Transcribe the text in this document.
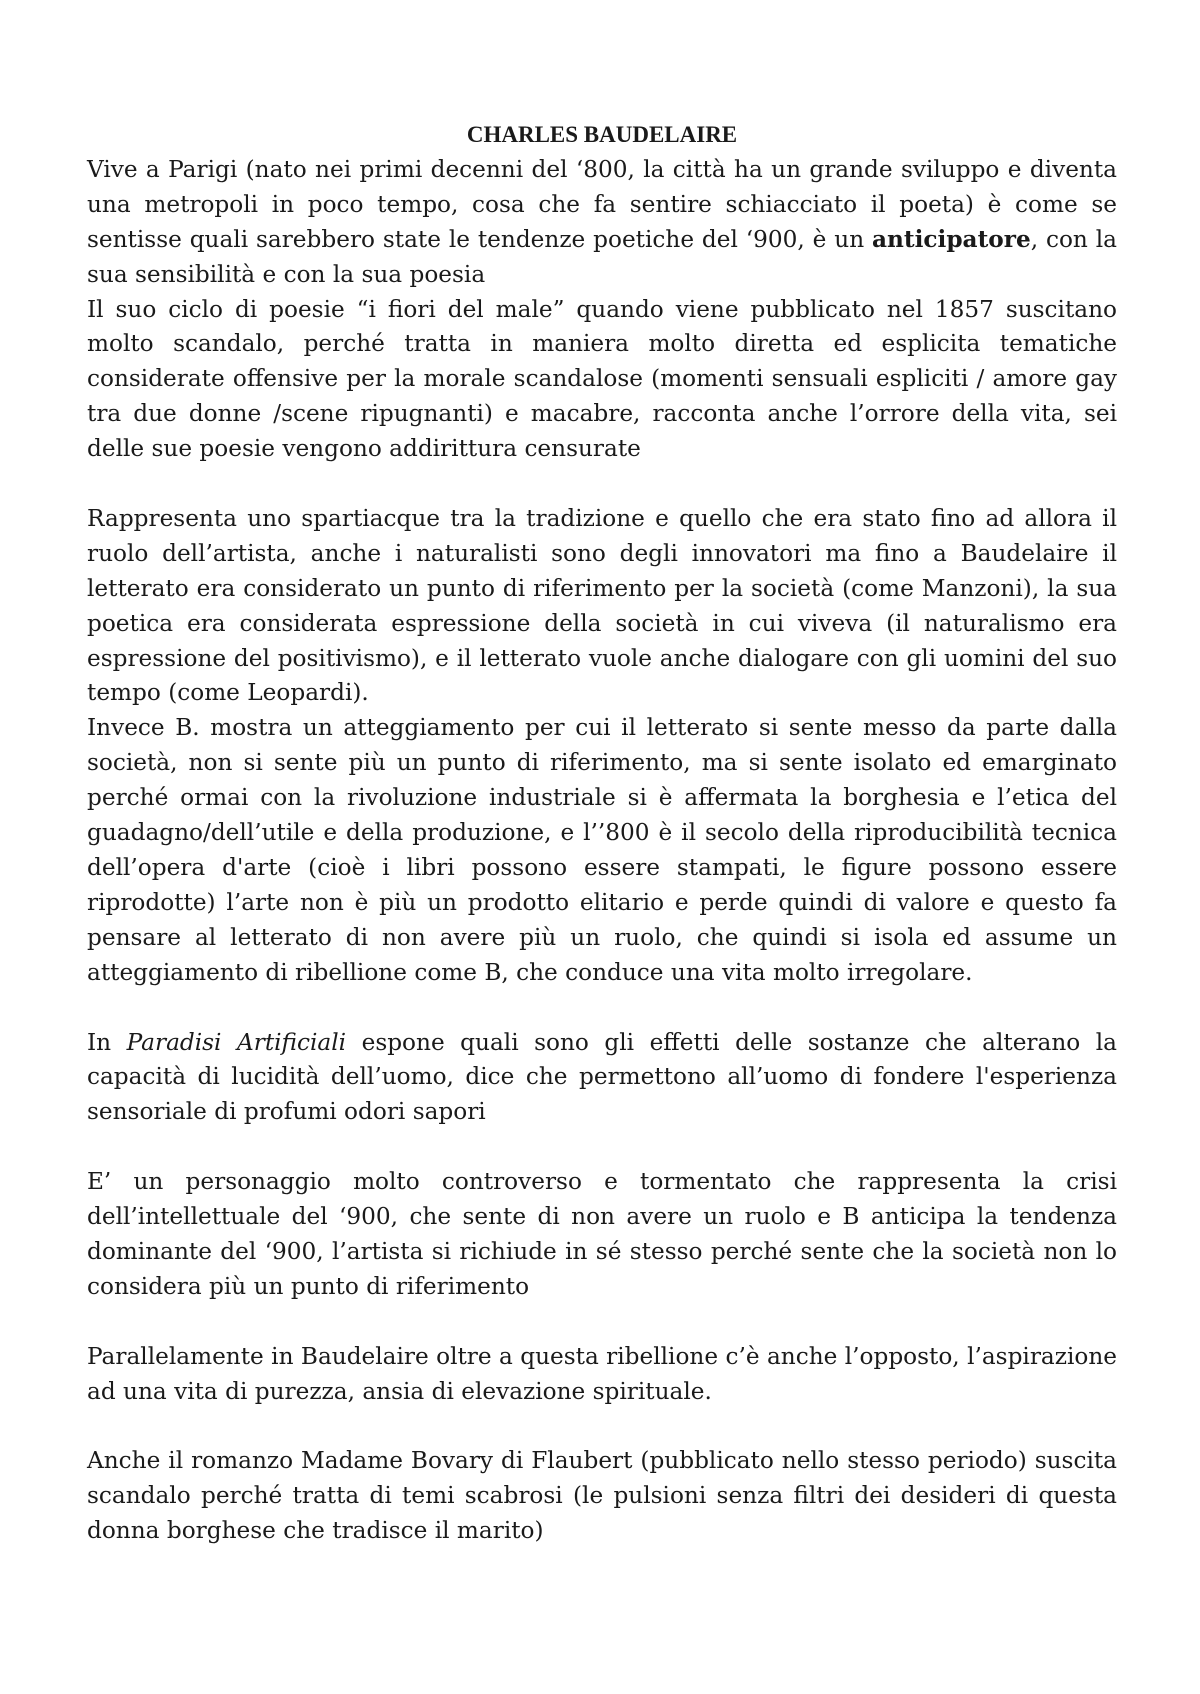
CHARLES BAUDELAIRE

Vive a Parigi (nato nei primi decenni del ‘800, la città ha un grande sviluppo e diventa una metropoli in poco tempo, cosa che fa sentire schiacciato il poeta) è come se sentisse quali sarebbero state le tendenze poetiche del ‘900, è un anticipatore, con la sua sensibilità e con la sua poesia

Il suo ciclo di poesie “i fiori del male” quando viene pubblicato nel 1857 suscitano molto scandalo, perché tratta in maniera molto diretta ed esplicita tematiche considerate offensive per la morale scandalose (momenti sensuali espliciti / amore gay tra due donne /scene ripugnanti) e macabre, racconta anche l’orrore della vita, sei delle sue poesie vengono addirittura censurate

Rappresenta uno spartiacque tra la tradizione e quello che era stato fino ad allora il ruolo dell’artista, anche i naturalisti sono degli innovatori ma fino a Baudelaire il letterato era considerato un punto di riferimento per la società (come Manzoni), la sua poetica era considerata espressione della società in cui viveva (il naturalismo era espressione del positivismo), e il letterato vuole anche dialogare con gli uomini del suo tempo (come Leopardi).

Invece B. mostra un atteggiamento per cui il letterato si sente messo da parte dalla società, non si sente più un punto di riferimento, ma si sente isolato ed emarginato perché ormai con la rivoluzione industriale si è affermata la borghesia e l’etica del guadagno/dell’utile e della produzione, e l’’800 è il secolo della riproducibilità tecnica dell’opera d'arte (cioè i libri possono essere stampati, le figure possono essere riprodotte) l’arte non è più un prodotto elitario e perde quindi di valore e questo fa pensare al letterato di non avere più un ruolo, che quindi si isola ed assume un atteggiamento di ribellione come B, che conduce una vita molto irregolare.

In Paradisi Artificiali espone quali sono gli effetti delle sostanze che alterano la capacità di lucidità dell’uomo, dice che permettono all’uomo di fondere l'esperienza sensoriale di profumi odori sapori

E’ un personaggio molto controverso e tormentato che rappresenta la crisi dell’intellettuale del ‘900, che sente di non avere un ruolo e B anticipa la tendenza dominante del ‘900, l’artista si richiude in sé stesso perché sente che la società non lo considera più un punto di riferimento

Parallelamente in Baudelaire oltre a questa ribellione c’è anche l’opposto, l’aspirazione ad una vita di purezza, ansia di elevazione spirituale.

Anche il romanzo Madame Bovary di Flaubert (pubblicato nello stesso periodo) suscita scandalo perché tratta di temi scabrosi (le pulsioni senza filtri dei desideri di questa donna borghese che tradisce il marito)
